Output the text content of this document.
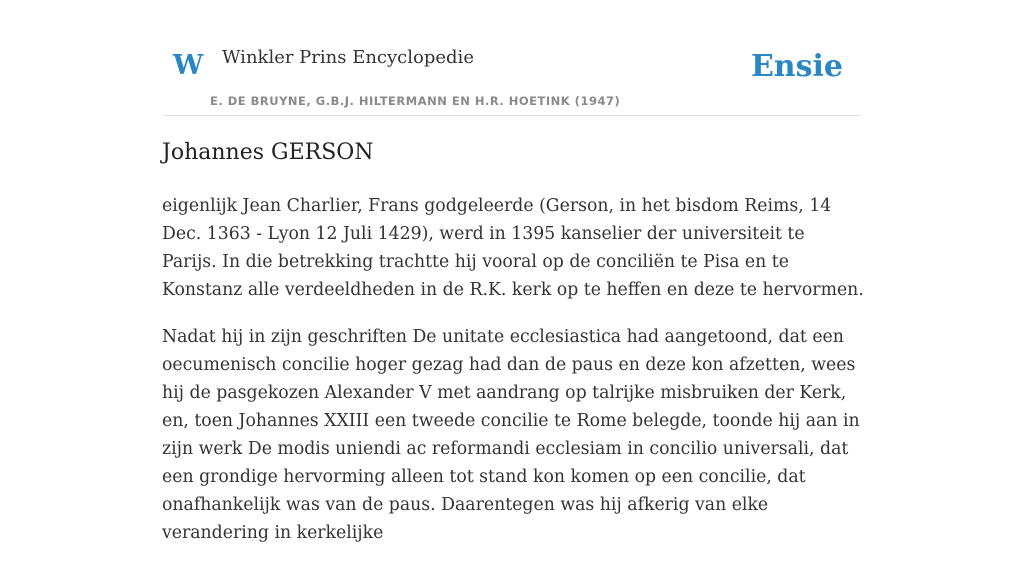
W Winkler Prins Encyclopedie
E. DE BRUYNE, G.B.J. HILTERMANN EN H.R. HOETINK (1947)
Ensie
Johannes GERSON

eigenlijk Jean Charlier, Frans godgeleerde (Gerson, in het bisdom Reims, 14 Dec. 1363 - Lyon 12 Juli 1429), werd in 1395 kanselier der universiteit te Parijs. In die betrekking trachtte hij vooral op de conciliën te Pisa en te Konstanz alle verdeeldheden in de R.K. kerk op te heffen en deze te hervormen.

Nadat hij in zijn geschriften De unitate ecclesiastica had aangetoond, dat een oecumenisch concilie hoger gezag had dan de paus en deze kon afzetten, wees hij de pasgekozen Alexander V met aandrang op talrijke misbruiken der Kerk, en, toen Johannes XXIII een tweede concilie te Rome belegde, toonde hij aan in zijn werk De modis uniendi ac reformandi ecclesiam in concilio universali, dat een grondige hervorming alleen tot stand kon komen op een concilie, dat onafhankelijk was van de paus. Daarentegen was hij afkerig van elke verandering in kerkelijke
